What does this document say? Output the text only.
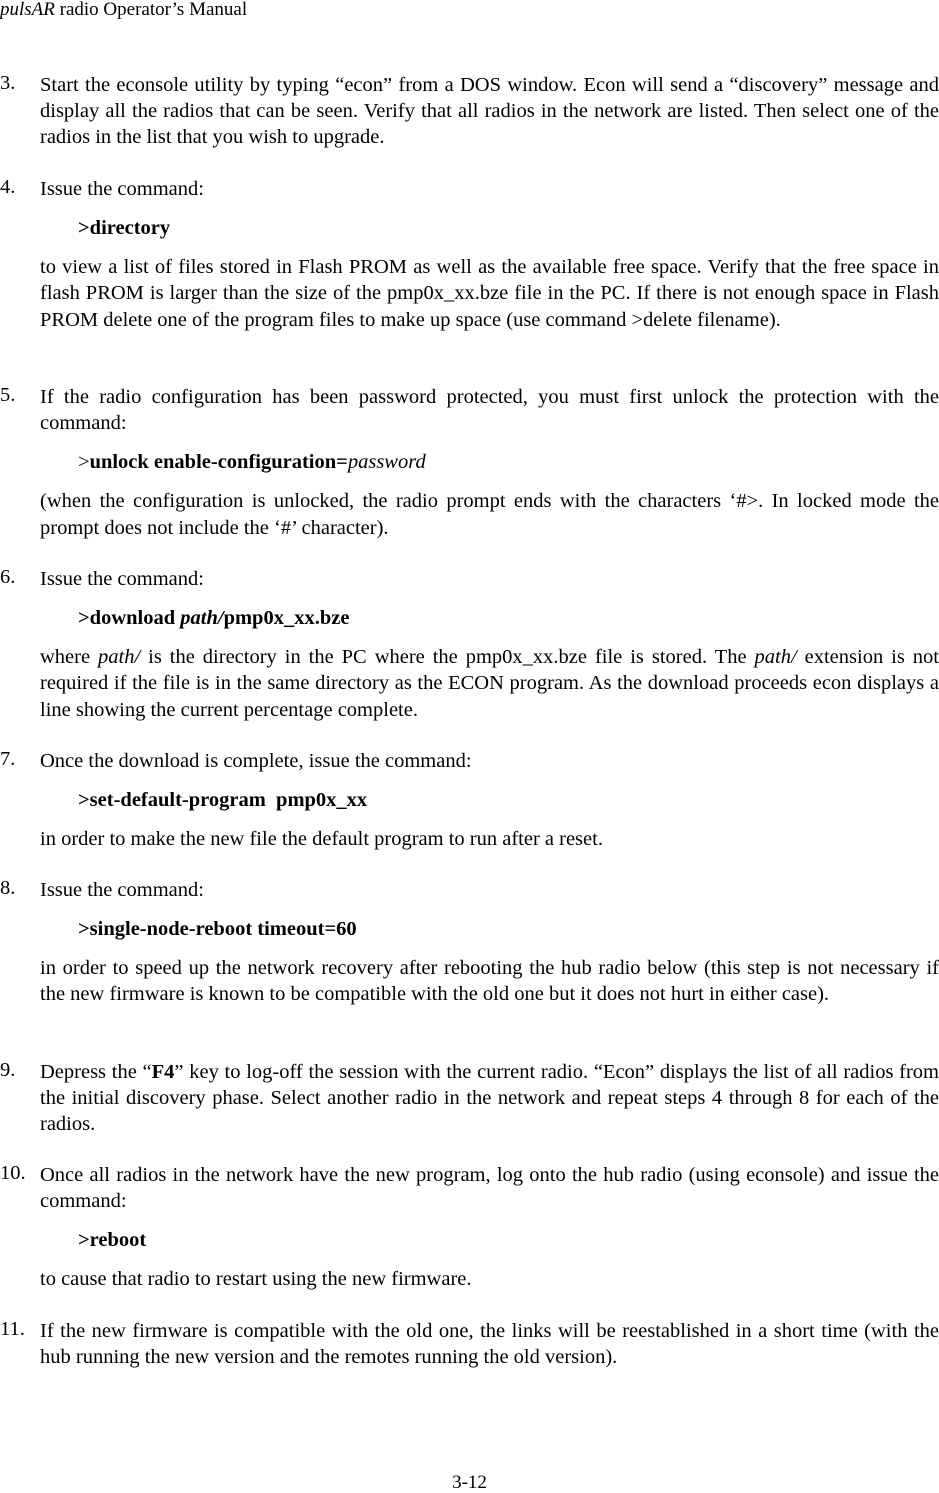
pulsAR radio Operator’s Manual
3.	Start the econsole utility by typing “econ” from a DOS window. Econ will send a “discovery” message and display all the radios that can be seen. Verify that all radios in the network are listed. Then select one of the radios in the list that you wish to upgrade.
4.	Issue the command:
>directory
to view a list of files stored in Flash PROM as well as the available free space. Verify that the free space in flash PROM is larger than the size of the pmp0x_xx.bze file in the PC. If there is not enough space in Flash PROM delete one of the program files to make up space (use command >delete filename).
5.	If the radio configuration has been password protected, you must first unlock the protection with the command:
>unlock enable-configuration=password
(when the configuration is unlocked, the radio prompt ends with the characters ‘#>. In locked mode the prompt does not include the ‘#’ character).
6.	Issue the command:
>download path/pmp0x_xx.bze
where path/ is the directory in the PC where the pmp0x_xx.bze file is stored. The path/ extension is not required if the file is in the same directory as the ECON program. As the download proceeds econ displays a line showing the current percentage complete.
7.	Once the download is complete, issue the command:
>set-default-program  pmp0x_xx
in order to make the new file the default program to run after a reset.
8.	Issue the command:
>single-node-reboot timeout=60
in order to speed up the network recovery after rebooting the hub radio below (this step is not necessary if the new firmware is known to be compatible with the old one but it does not hurt in either case).
9.	Depress the “F4” key to log-off the session with the current radio. “Econ” displays the list of all radios from the initial discovery phase. Select another radio in the network and repeat steps 4 through 8 for each of the radios.
10. Once all radios in the network have the new program, log onto the hub radio (using econsole) and issue the command:
>reboot
to cause that radio to restart using the new firmware.
11. If the new firmware is compatible with the old one, the links will be reestablished in a short time (with the hub running the new version and the remotes running the old version).
3-12
